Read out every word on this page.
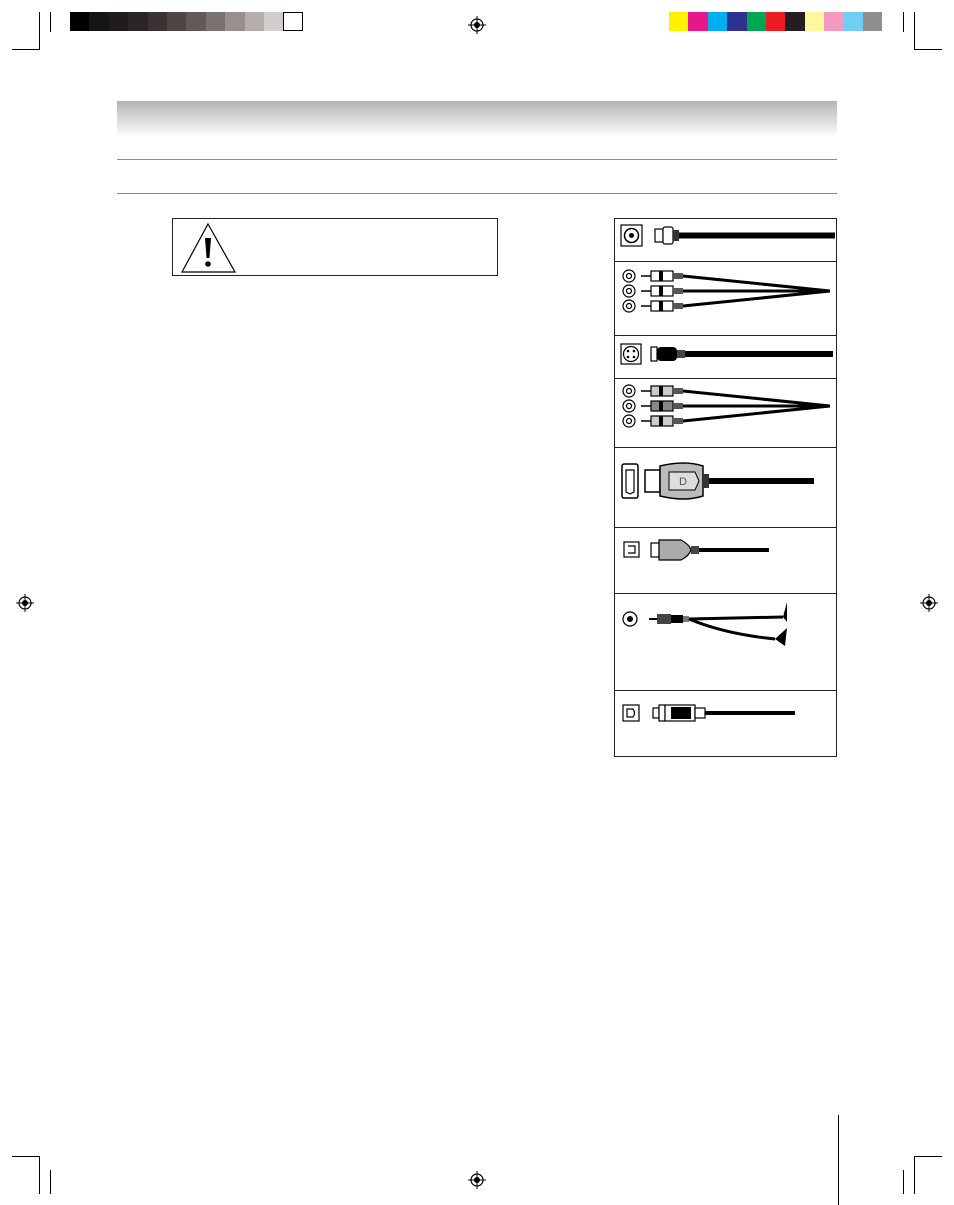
D
